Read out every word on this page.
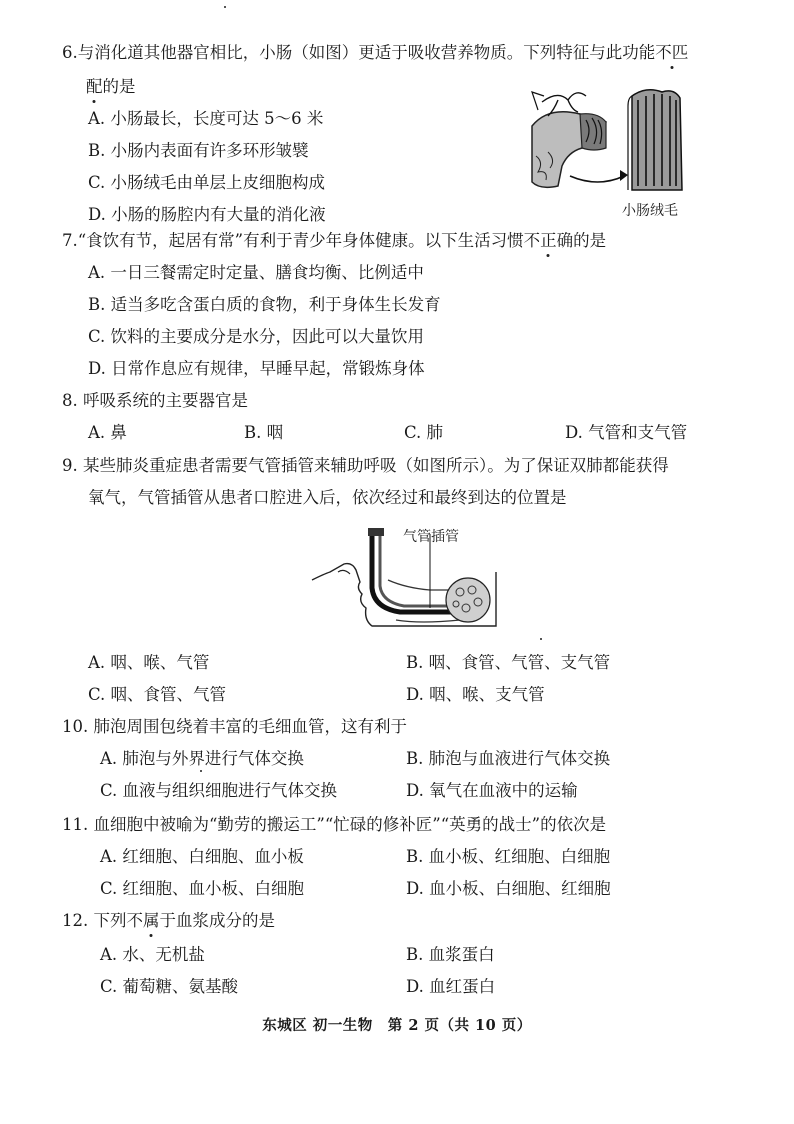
6.与消化道其他器官相比，小肠（如图）更适于吸收营养物质。下列特征与此功能不匹
配的是
A. 小肠最长，长度可达 5～6 米
B. 小肠内表面有许多环形皱襞
C. 小肠绒毛由单层上皮细胞构成
D. 小肠的肠腔内有大量的消化液	小肠绒毛
7.“食饮有节，起居有常”有利于青少年身体健康。以下生活习惯不正确的是
A. 一日三餐需定时定量、膳食均衡、比例适中
B. 适当多吃含蛋白质的食物，利于身体生长发育
C. 饮料的主要成分是水分，因此可以大量饮用
D. 日常作息应有规律，早睡早起，常锻炼身体
8. 呼吸系统的主要器官是
A. 鼻	B. 咽	C. 肺	D. 气管和支气管
9. 某些肺炎重症患者需要气管插管来辅助呼吸（如图所示）。为了保证双肺都能获得
氧气，气管插管从患者口腔进入后，依次经过和最终到达的位置是
气管插管
A. 咽、喉、气管	B. 咽、食管、气管、支气管
C. 咽、食管、气管	D. 咽、喉、支气管
10. 肺泡周围包绕着丰富的毛细血管，这有利于
A. 肺泡与外界进行气体交换	B. 肺泡与血液进行气体交换
C. 血液与组织细胞进行气体交换	D. 氧气在血液中的运输
11. 血细胞中被喻为“勤劳的搬运工”“忙碌的修补匠”“英勇的战士”的依次是
A. 红细胞、白细胞、血小板	B. 血小板、红细胞、白细胞
C. 红细胞、血小板、白细胞	D. 血小板、白细胞、红细胞
12. 下列不属于血浆成分的是
A. 水、无机盐	B. 血浆蛋白
C. 葡萄糖、氨基酸	D. 血红蛋白
东城区 初一生物　第 2 页（共 10 页）
